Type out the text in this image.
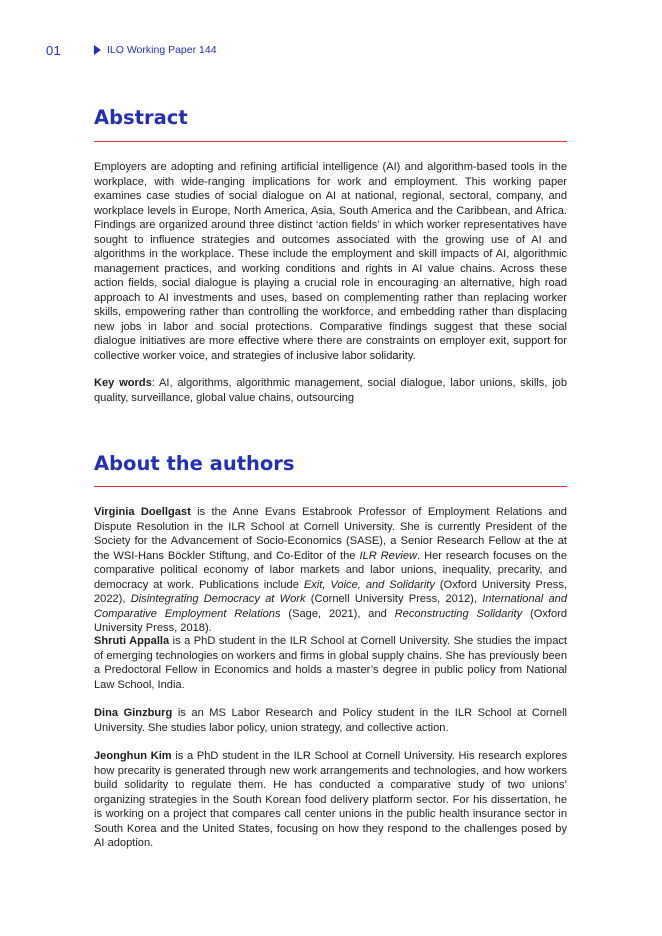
01	ILO Working Paper 144
Abstract

Employers are adopting and refining artificial intelligence (AI) and algorithm-based tools in the workplace, with wide-ranging implications for work and employment. This working paper examines case studies of social dialogue on AI at national, regional, sectoral, company, and workplace levels in Europe, North America, Asia, South America and the Caribbean, and Africa. Findings are organized around three distinct ‘action fields’ in which worker representatives have sought to influence strategies and outcomes associated with the growing use of AI and algorithms in the workplace. These include the employment and skill impacts of AI, algorithmic management practices, and working conditions and rights in AI value chains. Across these action fields, social dialogue is playing a crucial role in encouraging an alternative, high road approach to AI investments and uses, based on complementing rather than replacing worker skills, empowering rather than controlling the workforce, and embedding rather than displacing new jobs in labor and social protections. Comparative findings suggest that these social dialogue initiatives are more effective where there are constraints on employer exit, support for collective worker voice, and strategies of inclusive labor solidarity.

Key words: AI, algorithms, algorithmic management, social dialogue, labor unions, skills, job quality, surveillance, global value chains, outsourcing

About the authors

Virginia Doellgast is the Anne Evans Estabrook Professor of Employment Relations and Dispute Resolution in the ILR School at Cornell University. She is currently President of the Society for the Advancement of Socio-Economics (SASE), a Senior Research Fellow at the at the WSI-Hans Böckler Stiftung, and Co-Editor of the ILR Review. Her research focuses on the comparative political economy of labor markets and labor unions, inequality, precarity, and democracy at work. Publications include Exit, Voice, and Solidarity (Oxford University Press, 2022), Disintegrating Democracy at Work (Cornell University Press, 2012), International and Comparative Employment Relations (Sage, 2021), and Reconstructing Solidarity (Oxford University Press, 2018).

Shruti Appalla is a PhD student in the ILR School at Cornell University. She studies the impact of emerging technologies on workers and firms in global supply chains. She has previously been a Predoctoral Fellow in Economics and holds a master’s degree in public policy from National Law School, India.

Dina Ginzburg is an MS Labor Research and Policy student in the ILR School at Cornell University. She studies labor policy, union strategy, and collective action.

Jeonghun Kim is a PhD student in the ILR School at Cornell University. His research explores how precarity is generated through new work arrangements and technologies, and how workers build solidarity to regulate them. He has conducted a comparative study of two unions’ organizing strategies in the South Korean food delivery platform sector. For his dissertation, he is working on a project that compares call center unions in the public health insurance sector in South Korea and the United States, focusing on how they respond to the challenges posed by AI adoption.
